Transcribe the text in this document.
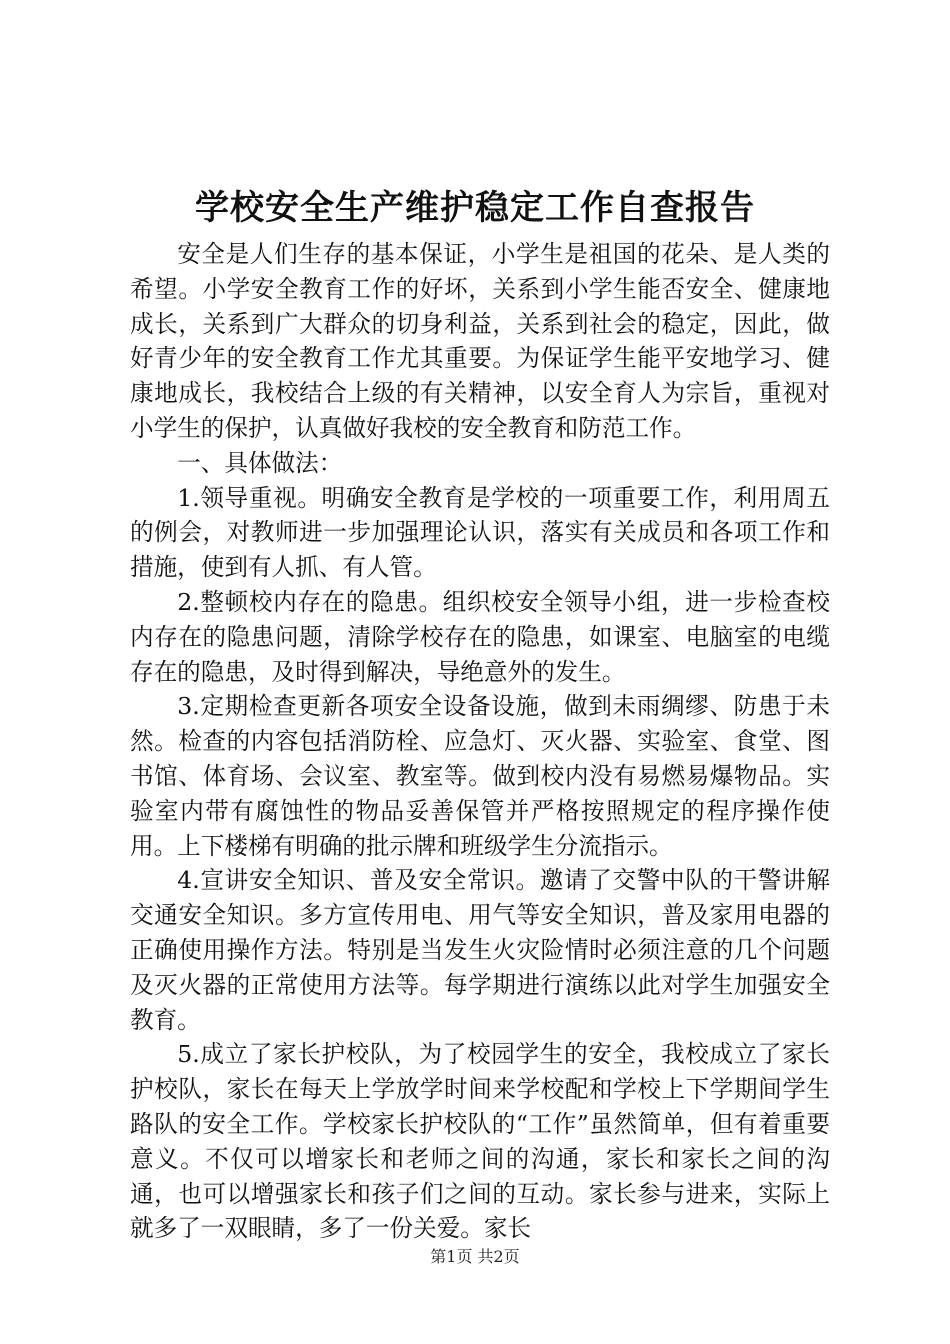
学校安全生产维护稳定工作自查报告

安全是人们生存的基本保证，小学生是祖国的花朵、是人类的希望。小学安全教育工作的好坏，关系到小学生能否安全、健康地成长，关系到广大群众的切身利益，关系到社会的稳定，因此，做好青少年的安全教育工作尤其重要。为保证学生能平安地学习、健康地成长，我校结合上级的有关精神，以安全育人为宗旨，重视对小学生的保护，认真做好我校的安全教育和防范工作。

一、具体做法：

1.领导重视。明确安全教育是学校的一项重要工作，利用周五的例会，对教师进一步加强理论认识，落实有关成员和各项工作和措施，使到有人抓、有人管。

2.整顿校内存在的隐患。组织校安全领导小组，进一步检查校内存在的隐患问题，清除学校存在的隐患，如课室、电脑室的电缆存在的隐患，及时得到解决，导绝意外的发生。

3.定期检查更新各项安全设备设施，做到未雨绸缪、防患于未然。检查的内容包括消防栓、应急灯、灭火器、实验室、食堂、图书馆、体育场、会议室、教室等。做到校内没有易燃易爆物品。实验室内带有腐蚀性的物品妥善保管并严格按照规定的程序操作使用。上下楼梯有明确的批示牌和班级学生分流指示。

4.宣讲安全知识、普及安全常识。邀请了交警中队的干警讲解交通安全知识。多方宣传用电、用气等安全知识，普及家用电器的正确使用操作方法。特别是当发生火灾险情时必须注意的几个问题及灭火器的正常使用方法等。每学期进行演练以此对学生加强安全教育。

5.成立了家长护校队，为了校园学生的安全，我校成立了家长护校队，家长在每天上学放学时间来学校配和学校上下学期间学生路队的安全工作。学校家长护校队的“工作”虽然简单，但有着重要意义。不仅可以增家长和老师之间的沟通，家长和家长之间的沟通，也可以增强家长和孩子们之间的互动。家长参与进来，实际上就多了一双眼睛，多了一份关爱。家长

第1页 共2页
